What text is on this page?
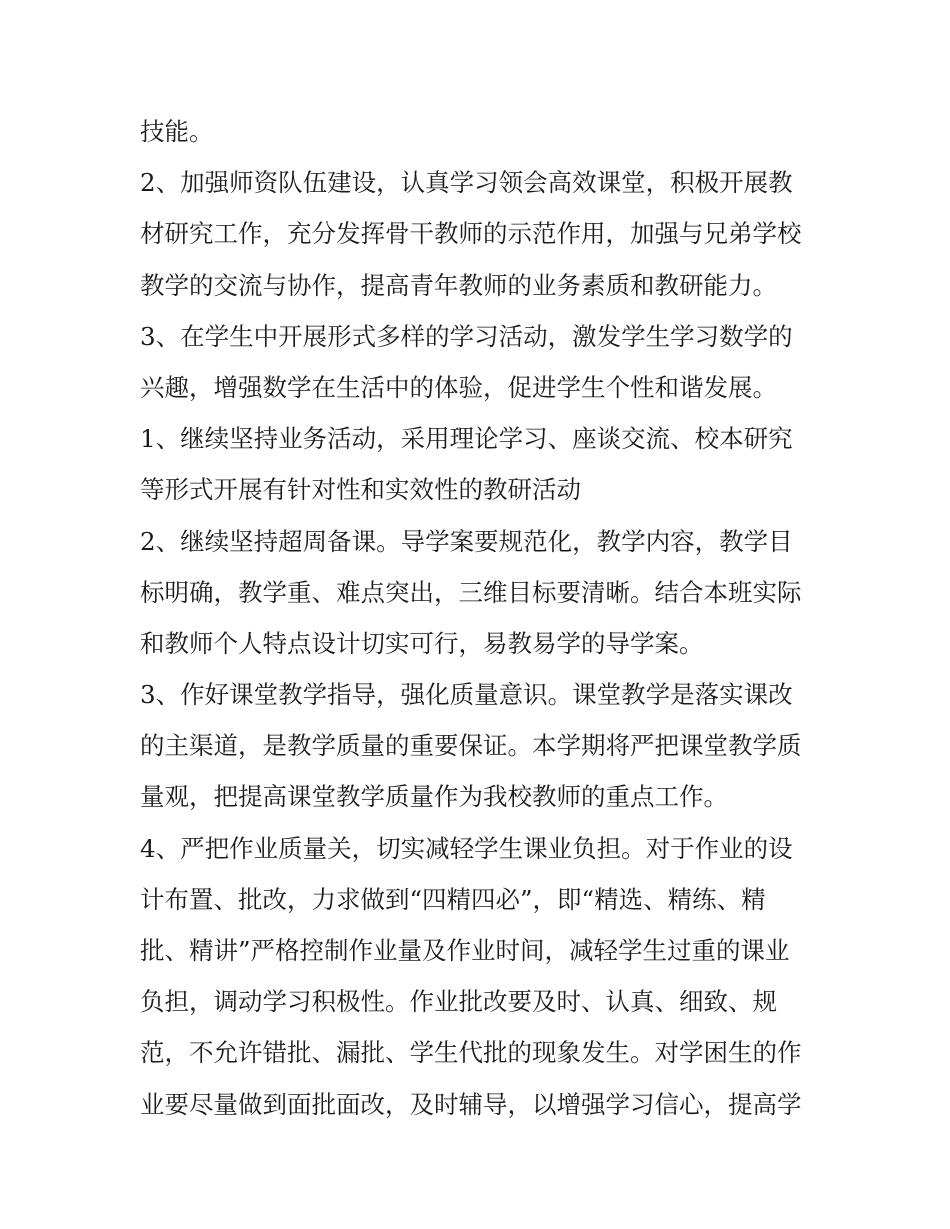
技能。
2、加强师资队伍建设，认真学习领会高效课堂，积极开展教
材研究工作，充分发挥骨干教师的示范作用，加强与兄弟学校
教学的交流与协作，提高青年教师的业务素质和教研能力。
3、在学生中开展形式多样的学习活动，激发学生学习数学的
兴趣，增强数学在生活中的体验，促进学生个性和谐发展。
1、继续坚持业务活动，采用理论学习、座谈交流、校本研究
等形式开展有针对性和实效性的教研活动
2、继续坚持超周备课。导学案要规范化，教学内容，教学目
标明确，教学重、难点突出，三维目标要清晰。结合本班实际
和教师个人特点设计切实可行，易教易学的导学案。
3、作好课堂教学指导，强化质量意识。课堂教学是落实课改
的主渠道，是教学质量的重要保证。本学期将严把课堂教学质
量观，把提高课堂教学质量作为我校教师的重点工作。
4、严把作业质量关，切实减轻学生课业负担。对于作业的设
计布置、批改，力求做到“四精四必”，即“精选、精练、精
批、精讲”严格控制作业量及作业时间，减轻学生过重的课业
负担，调动学习积极性。作业批改要及时、认真、细致、规
范，不允许错批、漏批、学生代批的现象发生。对学困生的作
业要尽量做到面批面改，及时辅导，以增强学习信心，提高学
